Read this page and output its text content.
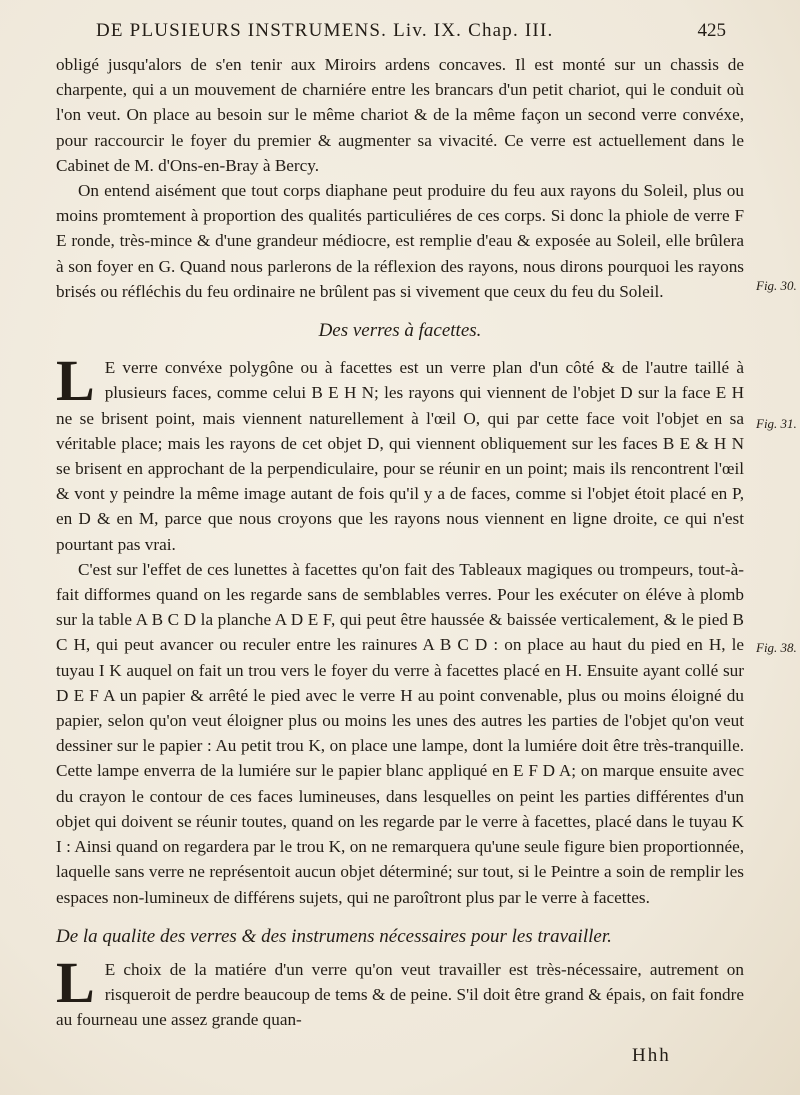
DE PLUSIEURS INSTRUMENS. Liv. IX. Chap. III.	425

obligé jusqu'alors de s'en tenir aux Miroirs ardens concaves. Il est monté sur un chassis de charpente, qui a un mouvement de charniére entre les brancars d'un petit chariot, qui le conduit où l'on veut. On place au besoin sur le même chariot & de la même façon un second verre convéxe, pour raccourcir le foyer du premier & augmenter sa vivacité. Ce verre est actuellement dans le Cabinet de M. d'Ons-en-Bray à Bercy.

On entend aisément que tout corps diaphane peut produire du feu aux rayons du Soleil, plus ou moins promtement à proportion des qualités particuliéres de ces corps. Si donc la phiole de verre F E ronde, très-mince & d'une grandeur médiocre, est remplie d'eau & exposée au Soleil, elle brûlera à son foyer en G. Quand nous parlerons de la réflexion des rayons, nous dirons pourquoi les rayons brisés ou réfléchis du feu ordinaire ne brûlent pas si vivement que ceux du feu du Soleil.

Des verres à facettes.

L E verre convéxe polygône ou à facettes est un verre plan d'un côté & de l'autre taillé à plusieurs faces, comme celui B E H N; les rayons qui viennent de l'objet D sur la face E H ne se brisent point, mais viennent naturellement à l'œil O, qui par cette face voit l'objet en sa véritable place; mais les rayons de cet objet D, qui viennent obliquement sur les faces B E & H N se brisent en approchant de la perpendiculaire, pour se réunir en un point; mais ils rencontrent l'œil & vont y peindre la même image autant de fois qu'il y a de faces, comme si l'objet étoit placé en P, en D & en M, parce que nous croyons que les rayons nous viennent en ligne droite, ce qui n'est pourtant pas vrai.

C'est sur l'effet de ces lunettes à facettes qu'on fait des Tableaux magiques ou trompeurs, tout-à-fait difformes quand on les regarde sans de semblables verres. Pour les exécuter on éléve à plomb sur la table A B C D la planche A D E F, qui peut être haussée & baissée verticalement, & le pied B C H, qui peut avancer ou reculer entre les rainures A B C D : on place au haut du pied en H, le tuyau I K auquel on fait un trou vers le foyer du verre à facettes placé en H. Ensuite ayant collé sur D E F A un papier & arrêté le pied avec le verre H au point convenable, plus ou moins éloigné du papier, selon qu'on veut éloigner plus ou moins les unes des autres les parties de l'objet qu'on veut dessiner sur le papier : Au petit trou K, on place une lampe, dont la lumiére doit être très-tranquille. Cette lampe enverra de la lumiére sur le papier blanc appliqué en E F D A; on marque ensuite avec du crayon le contour de ces faces lumineuses, dans lesquelles on peint les parties différentes d'un objet qui doivent se réunir toutes, quand on les regarde par le verre à facettes, placé dans le tuyau K I : Ainsi quand on regardera par le trou K, on ne remarquera qu'une seule figure bien proportionnée, laquelle sans verre ne représentoit aucun objet déterminé; sur tout, si le Peintre a soin de remplir les espaces non-lumineux de différens sujets, qui ne paroîtront plus par le verre à facettes.

De la qualite des verres & des instrumens nécessaires pour les travailler.

L E choix de la matiére d'un verre qu'on veut travailler est très-nécessaire, autrement on risqueroit de perdre beaucoup de tems & de peine. S'il doit être grand & épais, on fait fondre au fourneau une assez grande quan-

Fig. 30.
Fig. 31.
Fig. 38.
Hhh
